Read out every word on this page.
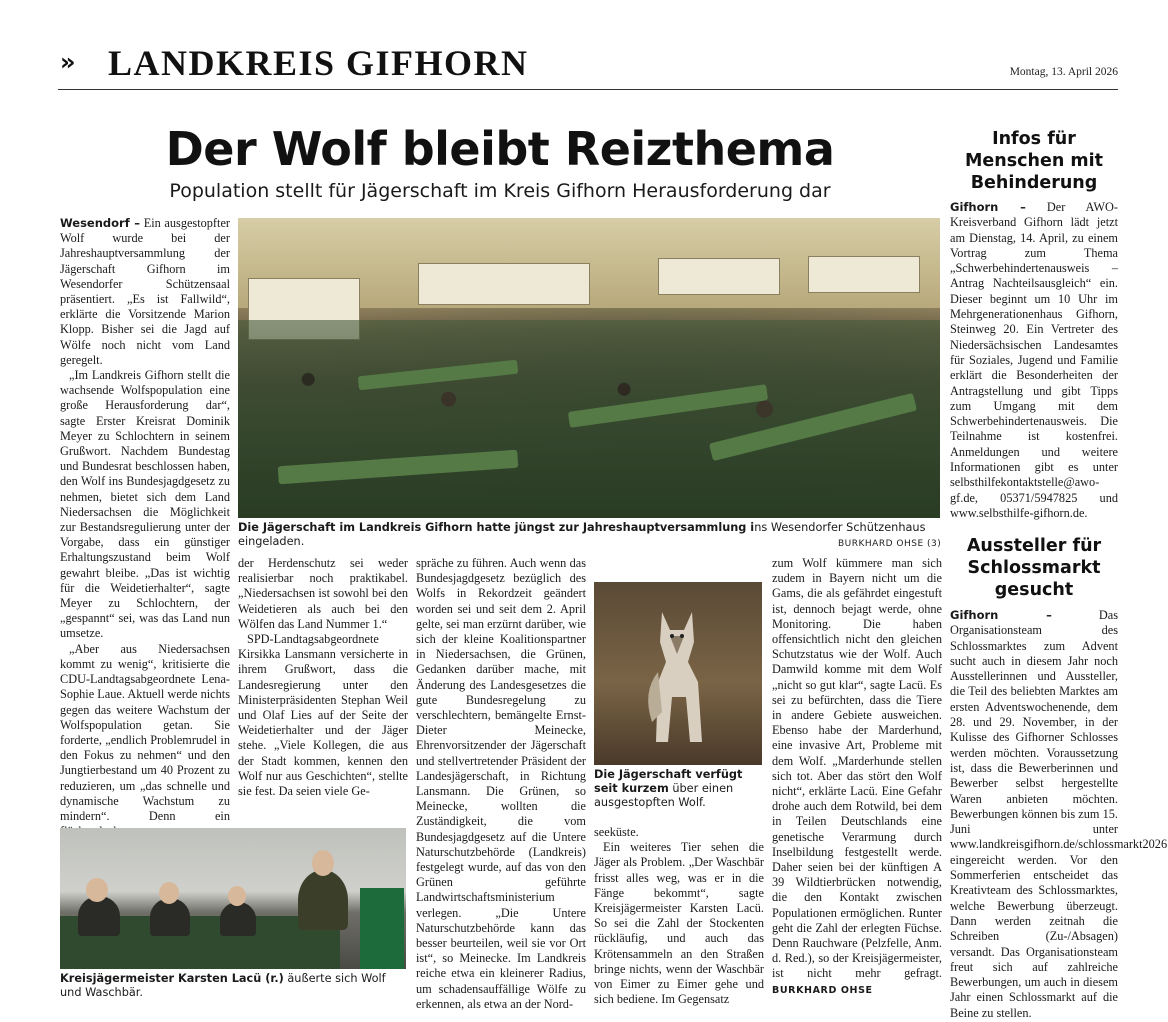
» LANDKREIS GIFHORN	Montag, 13. April 2026
Der Wolf bleibt Reizthema
Population stellt für Jägerschaft im Kreis Gifhorn Herausforderung dar

Wesendorf – Ein ausgestopfter Wolf wurde bei der Jahreshauptversammlung der Jägerschaft Gifhorn im Wesendorfer Schützensaal präsentiert. „Es ist Fallwild“, erklärte die Vorsitzende Marion Klopp. Bisher sei die Jagd auf Wölfe noch nicht vom Land geregelt.

„Im Landkreis Gifhorn stellt die wachsende Wolfspopulation eine große Herausforderung dar“, sagte Erster Kreisrat Dominik Meyer zu Schlochtern in seinem Grußwort. Nachdem Bundestag und Bundesrat beschlossen haben, den Wolf ins Bundesjagdgesetz zu nehmen, bietet sich dem Land Niedersachsen die Möglichkeit zur Bestandsregulierung unter der Vorgabe, dass ein günstiger Erhaltungszustand beim Wolf gewahrt bleibe. „Das ist wichtig für die Weidetierhalter“, sagte Meyer zu Schlochtern, der „gespannt“ sei, was das Land nun umsetze.

„Aber aus Niedersachsen kommt zu wenig“, kritisierte die CDU-Landtagsabgeordnete Lena-Sophie Laue. Aktuell werde nichts gegen das weitere Wachstum der Wolfspopulation getan. Sie forderte, „endlich Problemrudel in den Fokus zu nehmen“ und den Jungtierbestand um 40 Prozent zu reduzieren, um „das schnelle und dynamische Wachstum zu mindern“. Denn ein

Die Jägerschaft im Landkreis Gifhorn hatte jüngst zur Jahreshauptversammlung ins Wesendorfer Schützenhaus eingeladen.	BURKHARD OHSE (3)

der Herdenschutz sei weder realisierbar noch praktikabel. „Niedersachsen ist sowohl bei den Weidetieren als auch bei den Wölfen das Land Nummer 1.“

SPD-Landtagsabgeordnete Kirsikka Lansmann versicherte in ihrem Grußwort, dass die Landesregierung unter den Ministerpräsidenten Stephan Weil und Olaf Lies auf der Seite der Weidetierhalter und der Jäger stehe. „Viele Kollegen, die aus der Stadt kommen, kennen den Wolf nur aus Geschichten“, stellte sie fest. Da seien viele Ge-

spräche zu führen. Auch wenn das Bundesjagdgesetz bezüglich des Wolfs in Rekordzeit geändert worden sei und seit dem 2. April gelte, sei man erzürnt darüber, wie sich der kleine Koalitionspartner in Niedersachsen, die Grünen, Gedanken darüber mache, mit Änderung des Landesgesetzes die gute Bundesregelung zu verschlechtern, bemängelte Ernst-Dieter Meinecke, Ehrenvorsitzender der Jägerschaft und stellvertretender Präsident der Landesjägerschaft, in Richtung Lansmann. Die Grünen, so Meinecke, wollten die Zuständigkeit, die vom Bundesjagdgesetz auf die Untere Naturschutzbehörde (Landkreis) festgelegt wurde, auf das von den Grünen geführte Landwirtschaftsministerium verlegen. „Die Untere Naturschutzbehörde kann das besser beurteilen, weil sie vor Ort ist“, so Meinecke. Im Landkreis reiche etwa ein kleinerer Radius, um schadensauffällige Wölfe zu erkennen, als etwa an der Nord-

Die Jägerschaft verfügt seit kurzem über einen ausgestopften Wolf.

seeküste.

Ein weiteres Tier sehen die Jäger als Problem. „Der Waschbär frisst alles weg, was er in die Fänge bekommt“, sagte Kreisjägermeister Karsten Lacü. So sei die Zahl der Stockenten rückläufig, und auch das Krötensammeln an den Straßen bringe nichts, wenn der Waschbär von Eimer zu Eimer gehe und sich bediene. Im Gegensatz

zum Wolf kümmere man sich zudem in Bayern nicht um die Gams, die als gefährdet eingestuft ist, dennoch bejagt werde, ohne Monitoring. Die haben offensichtlich nicht den gleichen Schutzstatus wie der Wolf. Auch Damwild komme mit dem Wolf „nicht so gut klar“, sagte Lacü. Es sei zu befürchten, dass die Tiere in andere Gebiete ausweichen. Ebenso habe der Marderhund, eine invasive Art, Probleme mit dem Wolf. „Marderhunde stellen sich tot. Aber das stört den Wolf nicht“, erklärte Lacü. Eine Gefahr drohe auch dem Rotwild, bei dem in Teilen Deutschlands eine genetische Verarmung durch Inselbildung festgestellt werde. Daher seien bei der künftigen A 39 Wildtierbrücken notwendig, die den Kontakt zwischen Populationen ermöglichen. Runter geht die Zahl der erlegten Füchse. Denn Rauchware (Pelzfelle, Anm. d. Red.), so der Kreisjägermeister, ist nicht mehr gefragt. BURKHARD OHSE

Kreisjägermeister Karsten Lacü (r.) äußerte sich Wolf und Waschbär.
Infos für
Menschen mit
Behinderung

Gifhorn – Der AWO-Kreisverband Gifhorn lädt jetzt am Dienstag, 14. April, zu einem Vortrag zum Thema „Schwerbehindertenausweis – Antrag Nachteilsausgleich“ ein. Dieser beginnt um 10 Uhr im Mehrgenerationenhaus Gifhorn, Steinweg 20. Ein Vertreter des Niedersächsischen Landesamtes für Soziales, Jugend und Familie erklärt die Besonderheiten der Antragstellung und gibt Tipps zum Umgang mit dem Schwerbehindertenausweis. Die Teilnahme ist kostenfrei. Anmeldungen und weitere Informationen gibt es unter selbsthilfekontaktstelle@awo-gf.de, 05371/5947825 und www.selbsthilfe-gifhorn.de.

Aussteller für
Schlossmarkt
gesucht

Gifhorn –	Das Organisationsteam des Schlossmarktes zum Advent sucht auch in diesem Jahr noch Ausstellerinnen und Aussteller, die Teil des beliebten Marktes am ersten Adventswochenende, dem 28. und 29. November, in der Kulisse des Gifhorner Schlosses werden möchten. Voraussetzung ist, dass die Bewerberinnen und Bewerber selbst hergestellte Waren anbieten möchten. Bewerbungen können bis zum 15. Juni unter www.landkreisgifhorn.de/schlossmarkt2026 eingereicht werden. Vor den Sommerferien entscheidet das Kreativteam des Schlossmarktes, welche Bewerbung überzeugt. Dann werden zeitnah die Schreiben (Zu-/Absagen) versandt. Das Organisationsteam freut sich auf zahlreiche Bewerbungen, um auch in diesem Jahr einen Schlossmarkt auf die Beine zu stellen.
